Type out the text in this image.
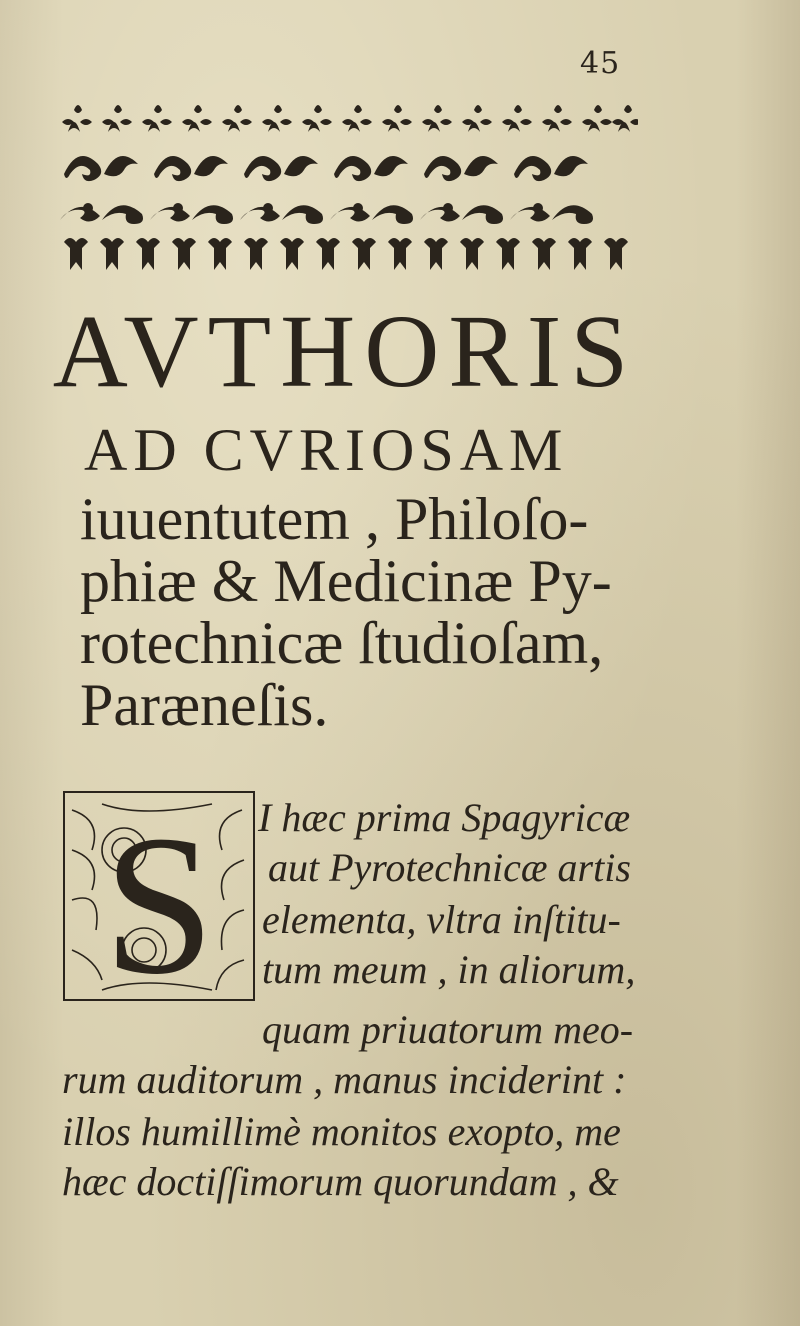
45
AVTHORIS
AD CVRIOSAM

iuuentutem , Philoſo-
phiæ & Medicinæ Py-
rotechnicæ ſtudioſam,
Paræneſis.

S I hæc prima Spagyricæ
aut Pyrotechnicæ artis
elementa, vltra inſtitu-
tum meum , in aliorum,
quam priuatorum meo-
rum auditorum , manus inciderint :
illos humillimè monitos exopto, me
hæc doctiſſimorum quorundam , &
